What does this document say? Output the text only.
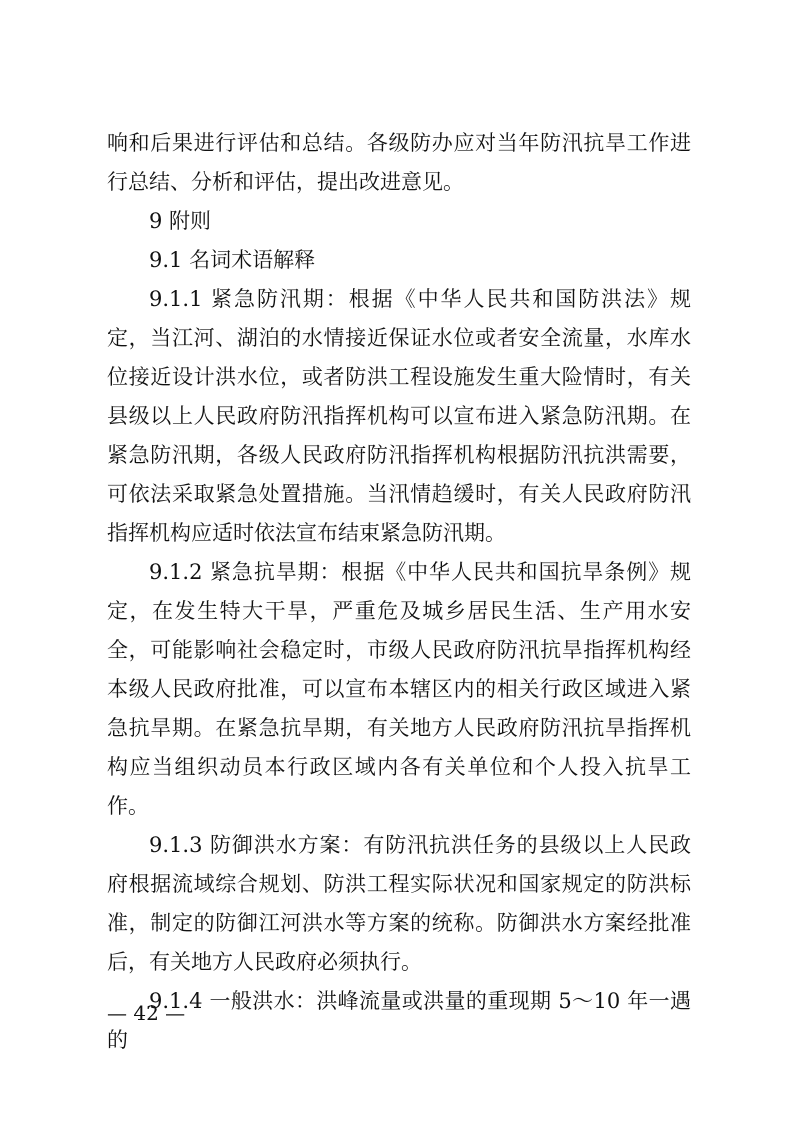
响和后果进行评估和总结。各级防办应对当年防汛抗旱工作进行总结、分析和评估，提出改进意见。

9 附则

9.1 名词术语解释

9.1.1 紧急防汛期：根据《中华人民共和国防洪法》规定，当江河、湖泊的水情接近保证水位或者安全流量，水库水位接近设计洪水位，或者防洪工程设施发生重大险情时，有关县级以上人民政府防汛指挥机构可以宣布进入紧急防汛期。在紧急防汛期，各级人民政府防汛指挥机构根据防汛抗洪需要，可依法采取紧急处置措施。当汛情趋缓时，有关人民政府防汛指挥机构应适时依法宣布结束紧急防汛期。

9.1.2 紧急抗旱期：根据《中华人民共和国抗旱条例》规定，在发生特大干旱，严重危及城乡居民生活、生产用水安全，可能影响社会稳定时，市级人民政府防汛抗旱指挥机构经本级人民政府批准，可以宣布本辖区内的相关行政区域进入紧急抗旱期。在紧急抗旱期，有关地方人民政府防汛抗旱指挥机构应当组织动员本行政区域内各有关单位和个人投入抗旱工作。

9.1.3 防御洪水方案：有防汛抗洪任务的县级以上人民政府根据流域综合规划、防洪工程实际状况和国家规定的防洪标准，制定的防御江河洪水等方案的统称。防御洪水方案经批准后，有关地方人民政府必须执行。

9.1.4 一般洪水：洪峰流量或洪量的重现期 5～10 年一遇的

— 42 —
